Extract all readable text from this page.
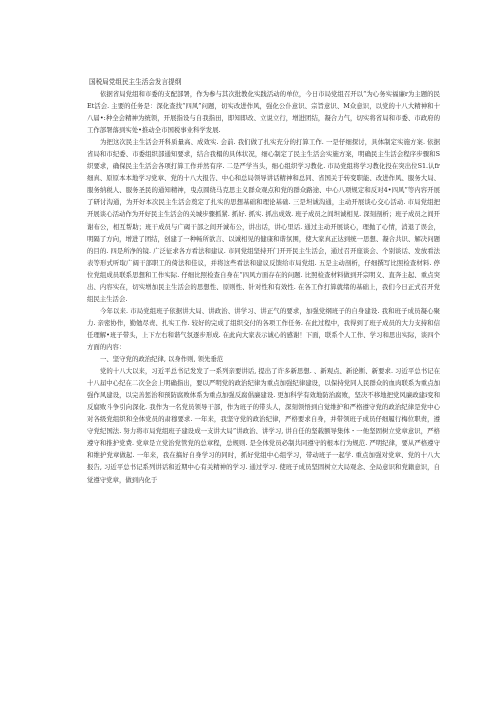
国税局党组民主生活会发言提纲

依据省局党组和市委的支配部署，作为参与其次批教化实践活动的单位，今日市局党组召开以“为心务实福廉r为主题的民Et活会. 主要的任务是：深化查找“四风”问题，切实改进作风，强化公仆意识、宗旨意识、M众意识，以党的十八大精神和十八届•:种全会精神为统领，开展指设与自我指田，即知即改、立说立行，增进团结，凝合力气，切实将省局和市委、市政府的工作部署落到实处•推动全市国税事业科学发展.

为把这次民主生活会开科质量高、成效实. 会前. 我们做了扎实充分的打算工作. 一是仔细探讨，具体制定实施方案. 依据省局和市纪委、市委组织部通知要求，结合我榻的具体状况，细心制定了民主生活会实施方案，明确民主生活会程序步骤和S织要求，确保民主生活会各项打算工作并然有序. 二是严学当头，细心组织学习教化. 市局党组将学习教化投在突出位S1.认fr细真、原原本本地学习党章、党的十八大报告、中心和总局领导讲话精神和总同、省国关于转变职能、改进作风、服务大局、服务纳税人、服务圣民的通知精神，曳点圆绕马克思主义群众观点和党的群众路途、中心八项规定和反对4•四风”等内容开展了研讨沟通，为开好本次民主生活会奠定了扎实的思想基础和理论基础. 三是坦诚沟通，主动开展谈心交心活动. 市局党组把开展谈心活动作为开好民主生活会的关城步骤抓紧. 抓好. 抓实. 抓出成效. 班子成员之间坦诚相见. 深刻剖析；班子成员之间开谢布公，相互帮助；班干成员与广碣干部之间开诚布公，讲出话，讲心里话. 通过主动开展谈心，理抛了心情，消退了误会，明隔了方向，增进了团结，创建了一种畅所欲言、以诚相见的健康和谐氛围，使大家真正达到统一思想、凝合共识、解决问题的目的. 四是所净的镜. 广泛征求各方看法和建议. 市同党组坚持开门开开民主生活会，通过召开座谈会、个别谈话、发放看法表等形式听取广阔干部职工的倚法和佳议，并将这些看法和建议反馈给市局党组. 五是主动剖析，仔细撰写比照检查材料. 停位党组成员联系思想和工作实际. 仔细比照检查自身在“四风方面存在的问题. 比照检查材料做到开宗明义、直奔主起、重点突出、内容实在，切实增加民主生活会的思想性、原则性、针对性和有效性. 在各工作打算就绪的基础上，我们今日正式召开党组民主生活会.

今年以来. 市局党组班子依据讲大局、讲政治、讲学习、讲正气的要求，加强党纲班子的自身建设. 我和班子成员凝心聚力. 亲密协作，勤勉尽责、扎实工作. 较好的完成了组织交付的各项工作任务. 在此过程中，我得到了班子成员的大力支持和信任理解•班子带头，上下左右和谐气氛逐步形成. 在此向大家表示诚心的感谢！下面，联系个人工作、学习和思出实际，谈四个方面的内容：

一、坚守党的政治纪律, 以身作则, 领先垂范

党的十八大以来，习近平总书记发发了一系列亲要讲话, 提出了许多新思想. 、新观点、新论断、新要求. 习近平总书记在十八届中心纪在二次全会上明确指出，要以严明党的政治纪律为重点加强纪律建设，以保持党同人民群众的血肉联系为重点加强作风建设，以完善惩治和预防腐败体系为重点加强反腐倡廉建设. 更加科学有效地防治腐败，坚决不移地把党风廉政建i变和反腐败斗争引向深化. 我作为一名党员领导干部，作为班子的带头人，深刻领悟到自觉维护和严格遵守党的政治纪律是党中心对各级党组织和全体党员的肃穆要求. 一年来，我坚守党的政治纪律，严格要求自身，并带领班子成员仔细履行梅位职责，遵守党纪国法. 努力将市局党组班子建设成一支讲大局”讲政治、讲学习, 讲自任的坚载额导集体・一他坚固树立党章意识，严格遵守和推护党费. 党章是立党治党管党的总章程，总规则. 是全体党员必制共同遵守的根本行为规范. 严明纪律，要从严格遵守和维护党章做起. 一年来，我在搞好自身学习的同时，抓好党组中心组学习，带动班子一起学. 重点加强对党章、党的十八大报告, 习近平总书记系列讲话和近期中心有关精神的学习. 通过学习. 使班子成员坚固树立大局观念、全局意识和党籍意识，自觉遵守党章，做到内化于
